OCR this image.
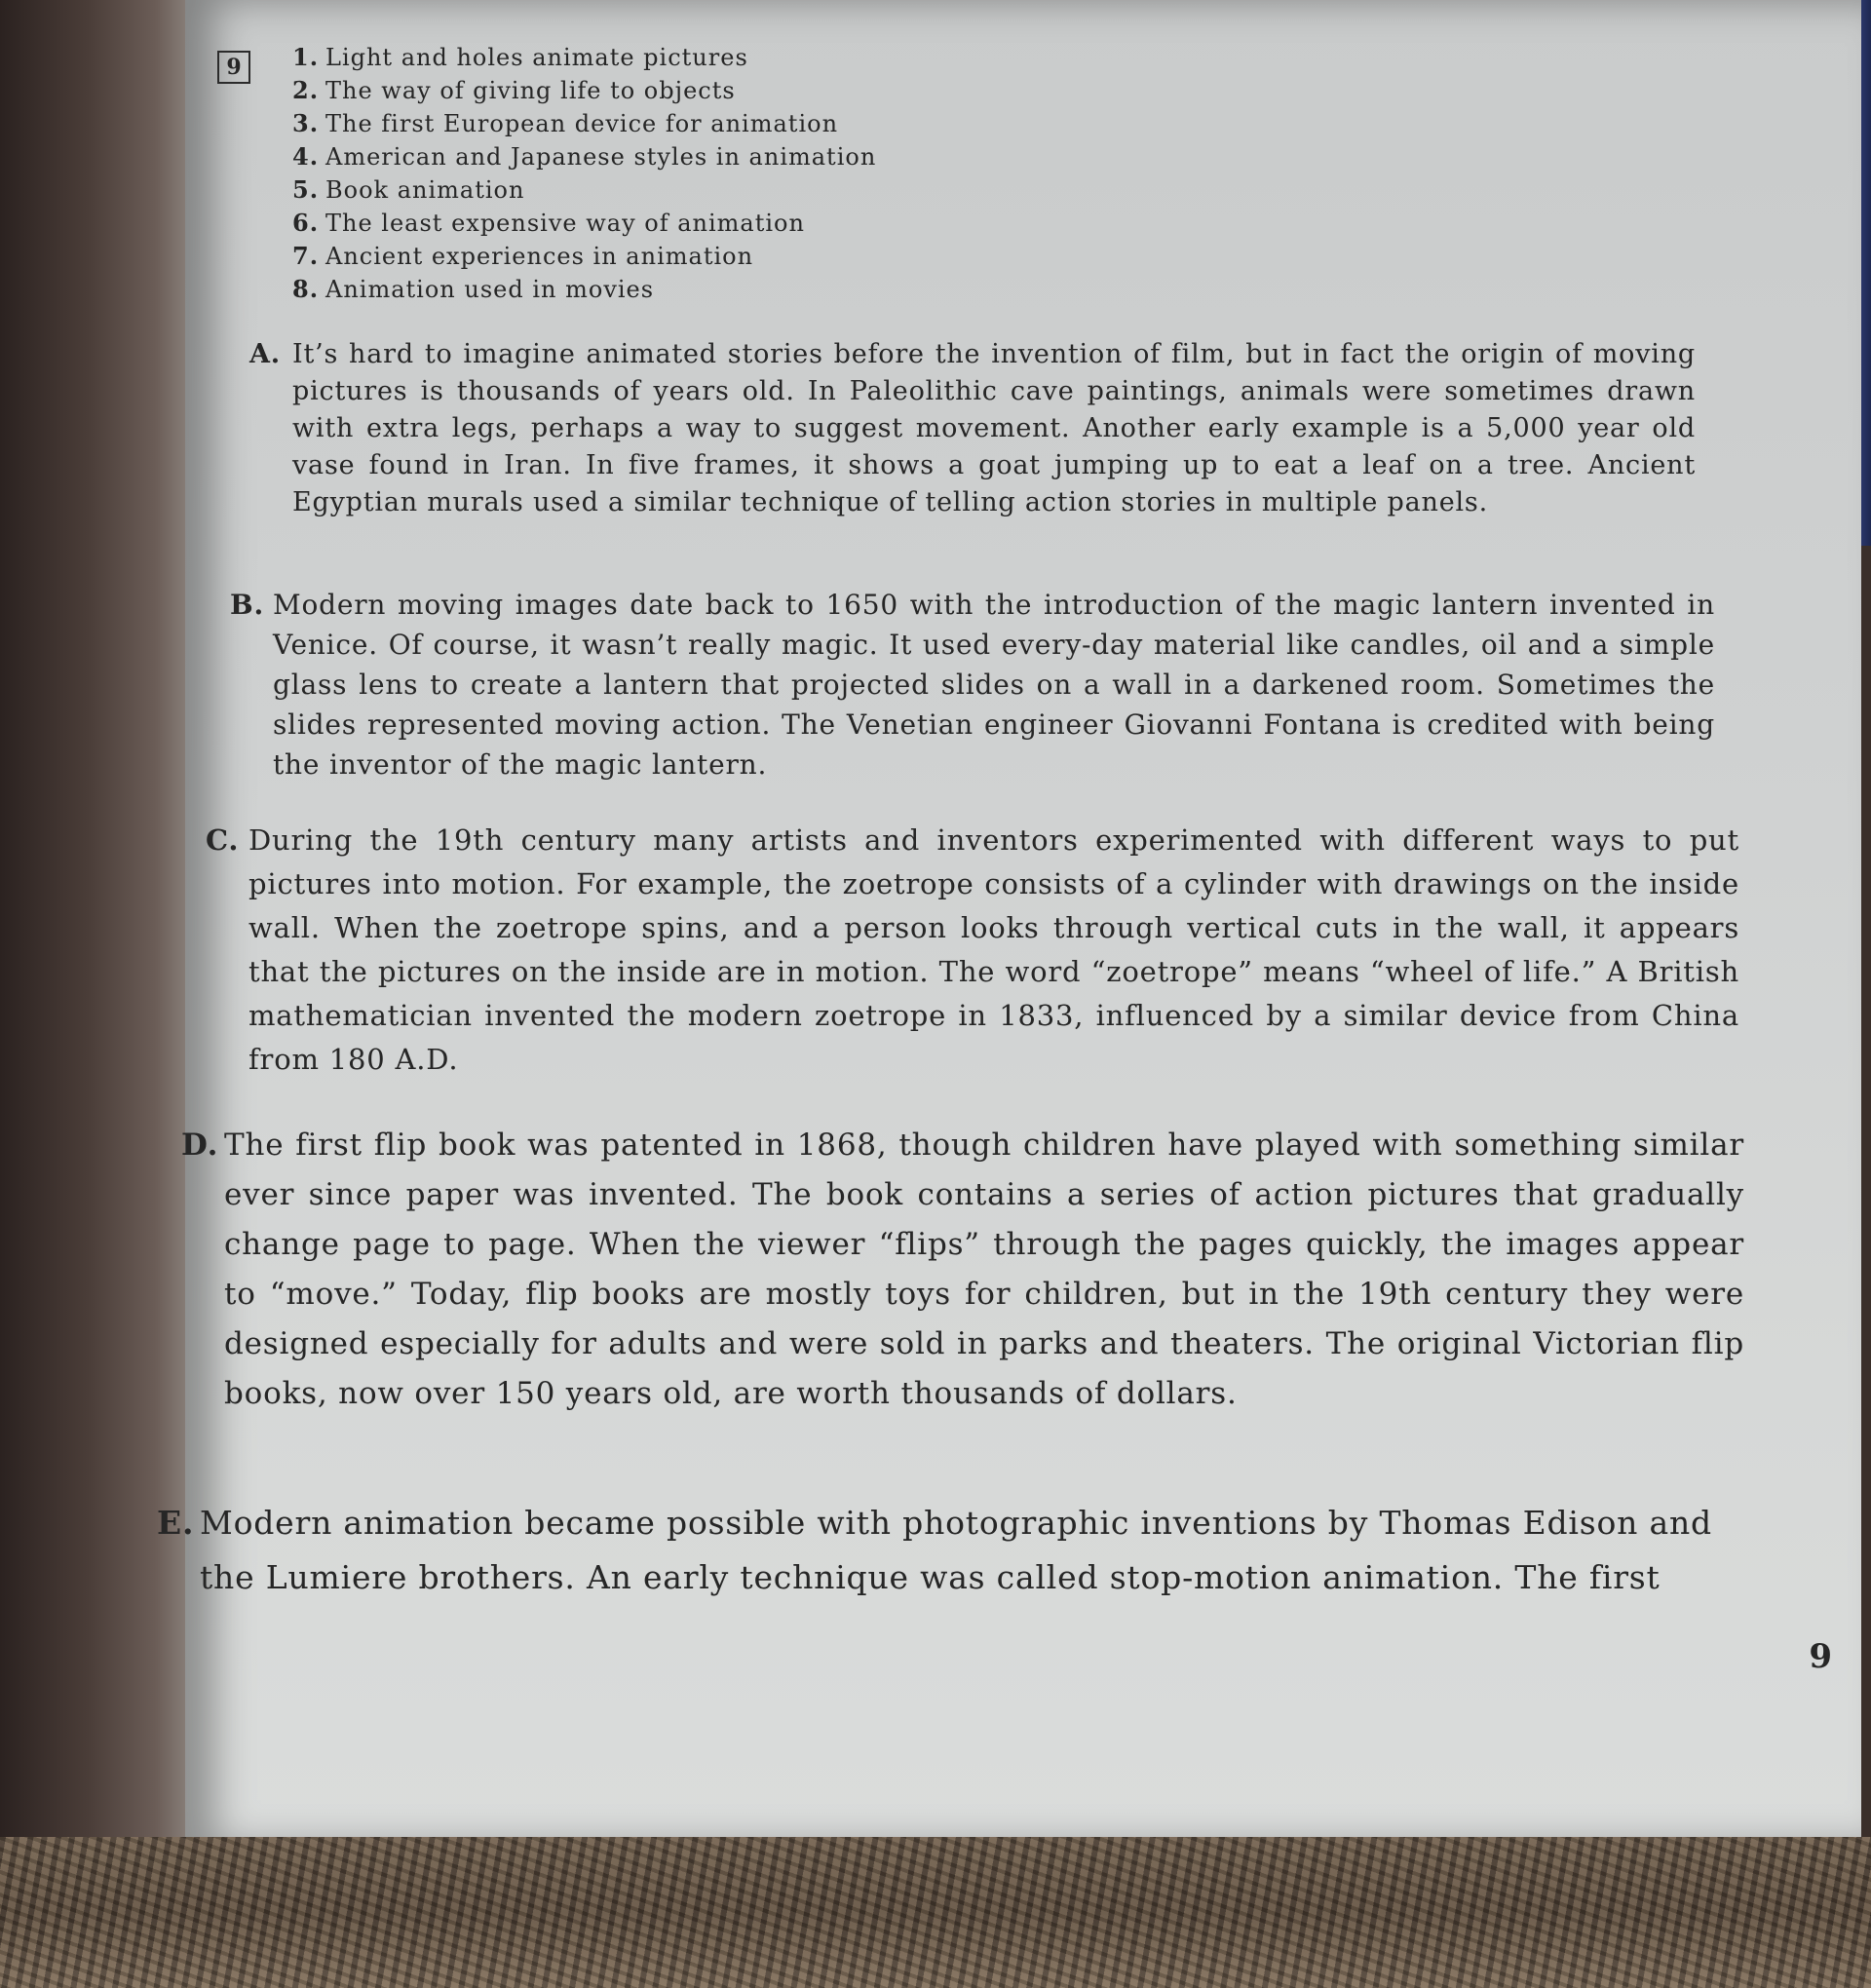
9	1. Light and holes animate pictures
2. The way of giving life to objects
3. The first European device for animation
4. American and Japanese styles in animation
5. Book animation
6. The least expensive way of animation
7. Ancient experiences in animation
8. Animation used in movies

A. It’s hard to imagine animated stories before the invention of film, but in fact the origin of moving pictures is thousands of years old. In Paleolithic cave paintings, animals were sometimes drawn with extra legs, perhaps a way to suggest movement. Another early example is a 5,000 year old vase found in Iran. In five frames, it shows a goat jumping up to eat a leaf on a tree. Ancient Egyptian murals used a similar technique of telling action stories in multiple panels.

B. Modern moving images date back to 1650 with the introduction of the magic lantern invented in Venice. Of course, it wasn’t really magic. It used every-day material like candles, oil and a simple glass lens to create a lantern that projected slides on a wall in a darkened room. Sometimes the slides represented moving action. The Venetian engineer Giovanni Fontana is credited with being the inventor of the magic lantern.

C. During the 19th century many artists and inventors experimented with different ways to put pictures into motion. For example, the zoetrope consists of a cylinder with drawings on the inside wall. When the zoetrope spins, and a person looks through vertical cuts in the wall, it appears that the pictures on the inside are in motion. The word “zoetrope” means “wheel of life.” A British mathematician invented the modern zoetrope in 1833, influenced by a similar device from China from 180 A.D.

D. The first flip book was patented in 1868, though children have played with something similar ever since paper was invented. The book contains a series of action pictures that gradually change page to page. When the viewer “flips” through the pages quickly, the images appear to “move.” Today, flip books are mostly toys for children, but in the 19th century they were designed especially for adults and were sold in parks and theaters. The original Victorian flip books, now over 150 years old, are worth thousands of dollars.

E. Modern animation became possible with photographic inventions by Thomas Edison and the Lumiere brothers. An early technique was called stop-motion animation. The first

9
